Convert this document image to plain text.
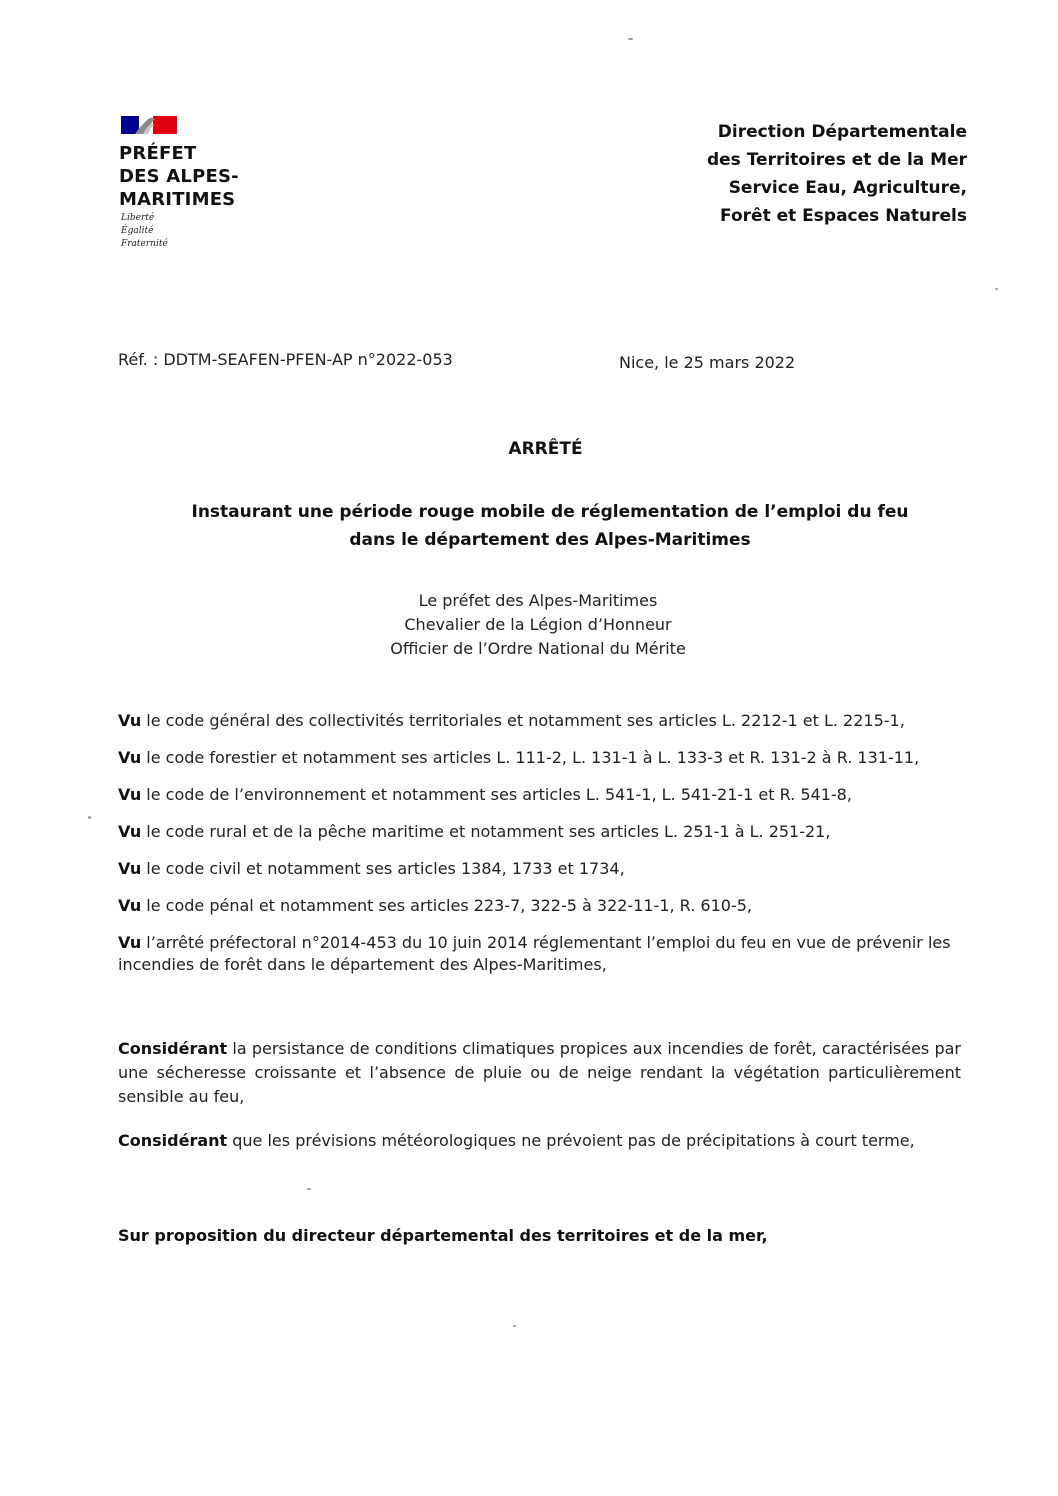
PRÉFET
DES ALPES-
MARITIMES
Liberté
Égalité
Fraternité
Direction Départementale
des Territoires et de la Mer
Service Eau, Agriculture,
Forêt et Espaces Naturels
Réf. : DDTM-SEAFEN-PFEN-AP n°2022-053	Nice, le 25 mars 2022
ARRÊTÉ
Instaurant une période rouge mobile de réglementation de l’emploi du feu
dans le département des Alpes-Maritimes
Le préfet des Alpes-Maritimes
Chevalier de la Légion d’Honneur
Officier de l’Ordre National du Mérite
Vu le code général des collectivités territoriales et notamment ses articles L. 2212-1 et L. 2215-1,
Vu le code forestier et notamment ses articles L. 111-2, L. 131-1 à L. 133-3 et R. 131-2 à R. 131-11,
Vu le code de l’environnement et notamment ses articles L. 541-1, L. 541-21-1 et R. 541-8,
Vu le code rural et de la pêche maritime et notamment ses articles L. 251-1 à L. 251-21,
Vu le code civil et notamment ses articles 1384, 1733 et 1734,
Vu le code pénal et notamment ses articles 223-7, 322-5 à 322-11-1, R. 610-5,
Vu l’arrêté préfectoral n°2014-453 du 10 juin 2014 réglementant l’emploi du feu en vue de prévenir les incendies de forêt dans le département des Alpes-Maritimes,
Considérant la persistance de conditions climatiques propices aux incendies de forêt, caractérisées par une sécheresse croissante et l’absence de pluie ou de neige rendant la végétation particulièrement sensible au feu,
Considérant que les prévisions météorologiques ne prévoient pas de précipitations à court terme,
Sur proposition du directeur départemental des territoires et de la mer,
